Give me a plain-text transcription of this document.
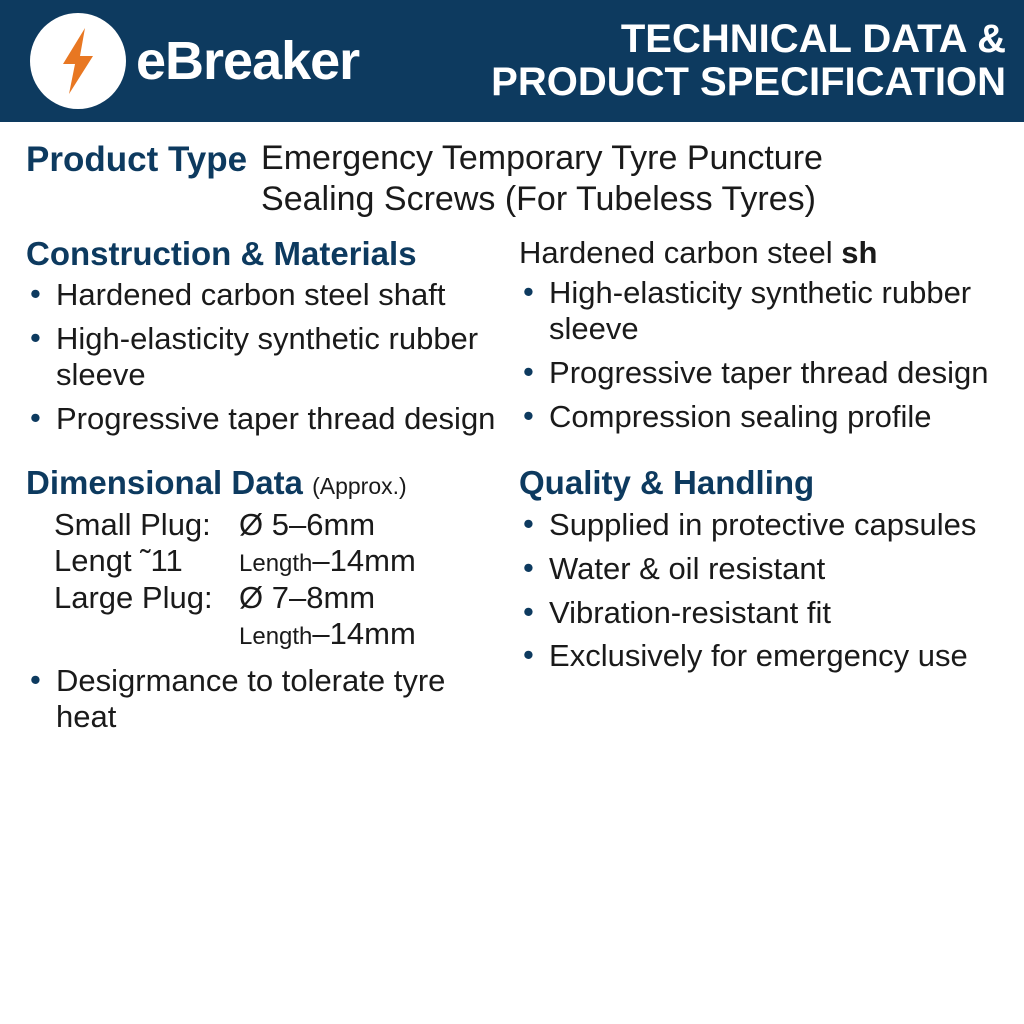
eBreaker	TECHNICAL DATA &
PRODUCT SPECIFICATION
Product Type Emergency Temporary Tyre Puncture
Sealing Screws (For Tubeless Tyres)
Construction & Materials
• Hardened carbon steel shaft
• High-elasticity synthetic rubber sleeve
• Progressive taper thread design
Hardened carbon steel sh
• High-elasticity synthetic rubber sleeve
• Progressive taper thread design
• Compression sealing profile
Dimensional Data (Approx.)
Small Plug: Ø 5–6mm
Lengt ˜11	Length –14mm
Large Plug: Ø 7–8mm
Length –14mm
• Desigrmance to tolerate tyre heat
Quality & Handling
• Supplied in protective capsules
• Water & oil resistant
• Vibration-resistant fit
• Exclusively for emergency use
